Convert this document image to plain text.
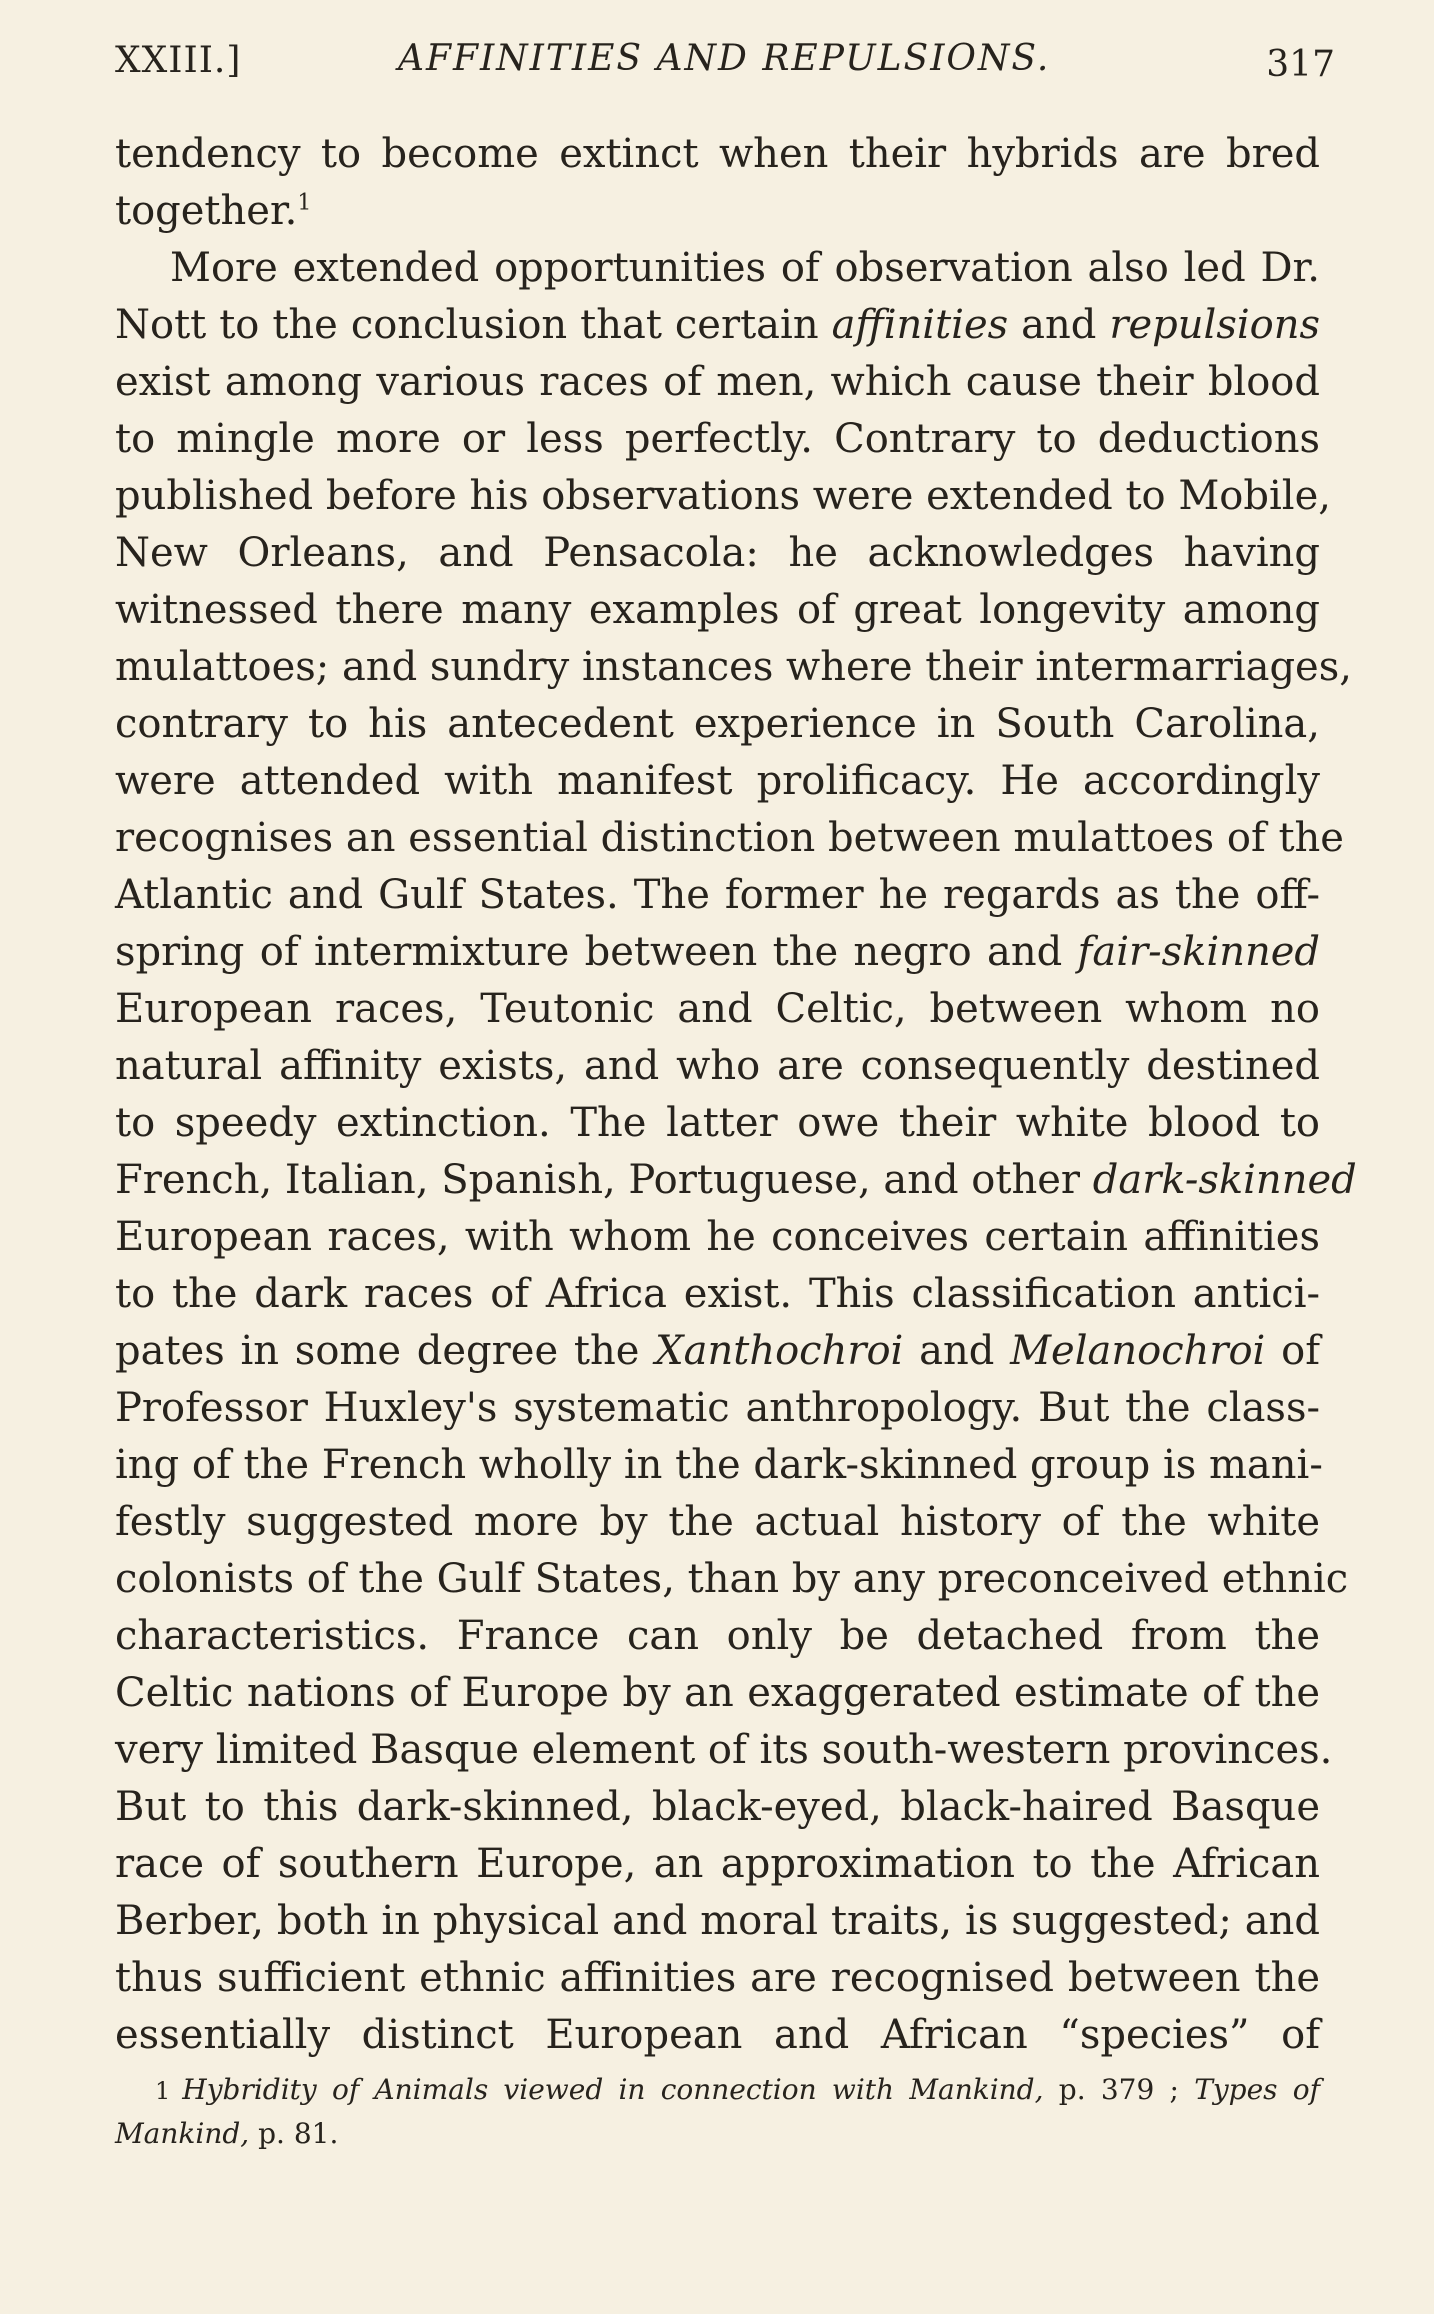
XXIII.]	AFFINITIES AND REPULSIONS.	317
tendency to become extinct when their hybrids are bred
together.$^1$
More extended opportunities of observation also led Dr.
Nott to the conclusion that certain affinities and repulsions
exist among various races of men, which cause their blood
to mingle more or less perfectly. Contrary to deductions
published before his observations were extended to Mobile,
New Orleans, and Pensacola: he acknowledges having
witnessed there many examples of great longevity among
mulattoes; and sundry instances where their intermarriages,
contrary to his antecedent experience in South Carolina,
were attended with manifest prolificacy. He accordingly
recognises an essential distinction between mulattoes of the
Atlantic and Gulf States. The former he regards as the off-
spring of intermixture between the negro and fair-skinned
European races, Teutonic and Celtic, between whom no
natural affinity exists, and who are consequently destined
to speedy extinction. The latter owe their white blood to
French, Italian, Spanish, Portuguese, and other dark-skinned
European races, with whom he conceives certain affinities
to the dark races of Africa exist. This classification antici-
pates in some degree the Xanthochroi and Melanochroi of
Professor Huxley's systematic anthropology. But the class-
ing of the French wholly in the dark-skinned group is mani-
festly suggested more by the actual history of the white
colonists of the Gulf States, than by any preconceived ethnic
characteristics. France can only be detached from the
Celtic nations of Europe by an exaggerated estimate of the
very limited Basque element of its south-western provinces.
But to this dark-skinned, black-eyed, black-haired Basque
race of southern Europe, an approximation to the African
Berber, both in physical and moral traits, is suggested; and
thus sufficient ethnic affinities are recognised between the
essentially distinct European and African “species” of
1 Hybridity of Animals viewed in connection with Mankind, p. 379 ; Types of
Mankind, p. 81.
